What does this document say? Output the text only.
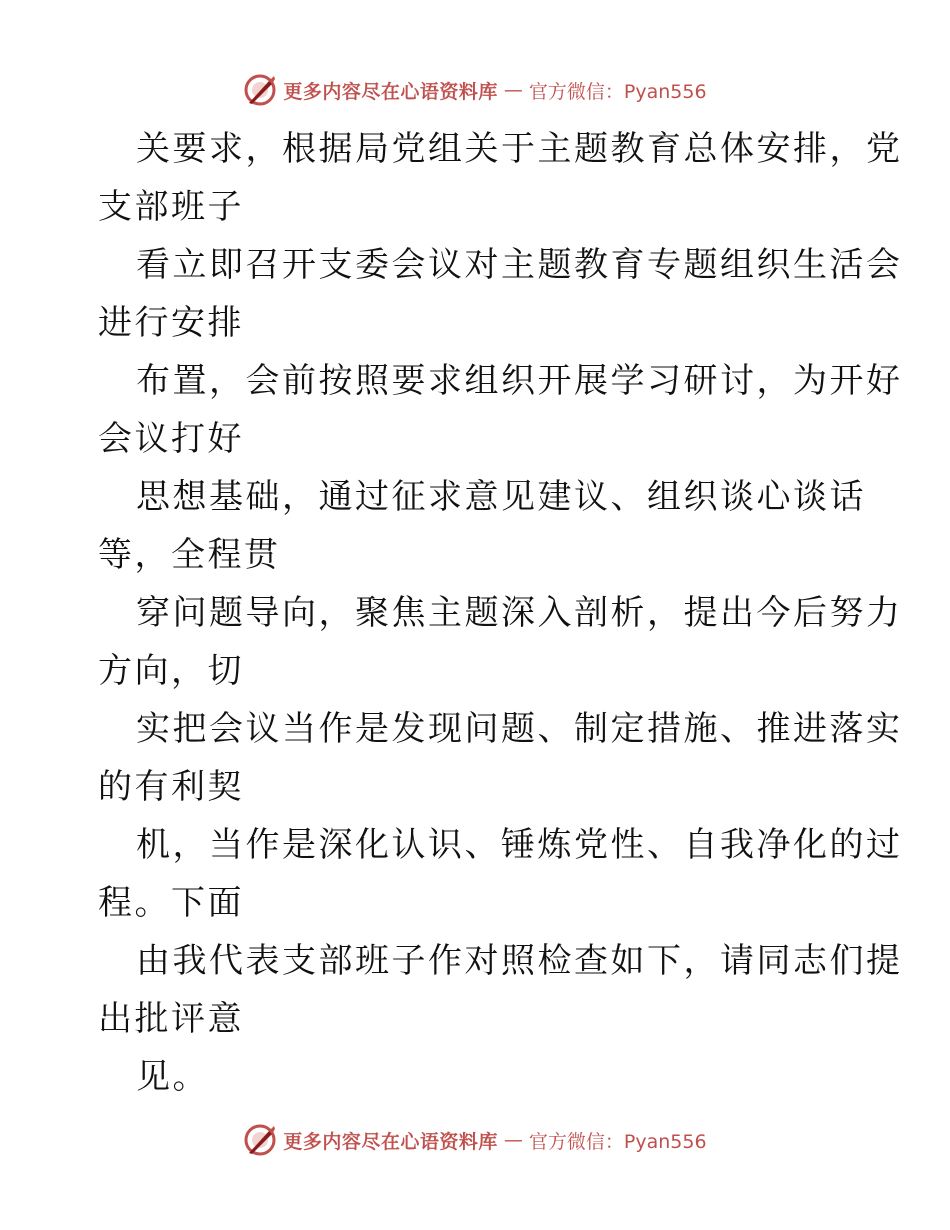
更多内容尽在心语资料库 — 官方微信：Pyan556
关要求，根据局党组关于主题教育总体安排，党
支部班子
看立即召开支委会议对主题教育专题组织生活会
进行安排
布置，会前按照要求组织开展学习研讨，为开好
会议打好
思想基础，通过征求意见建议、组织谈心谈话
等，全程贯
穿问题导向，聚焦主题深入剖析，提出今后努力
方向，切
实把会议当作是发现问题、制定措施、推进落实
的有利契
机，当作是深化认识、锤炼党性、自我净化的过
程。下面
由我代表支部班子作对照检查如下，请同志们提
出批评意
见。
更多内容尽在心语资料库 — 官方微信：Pyan556
